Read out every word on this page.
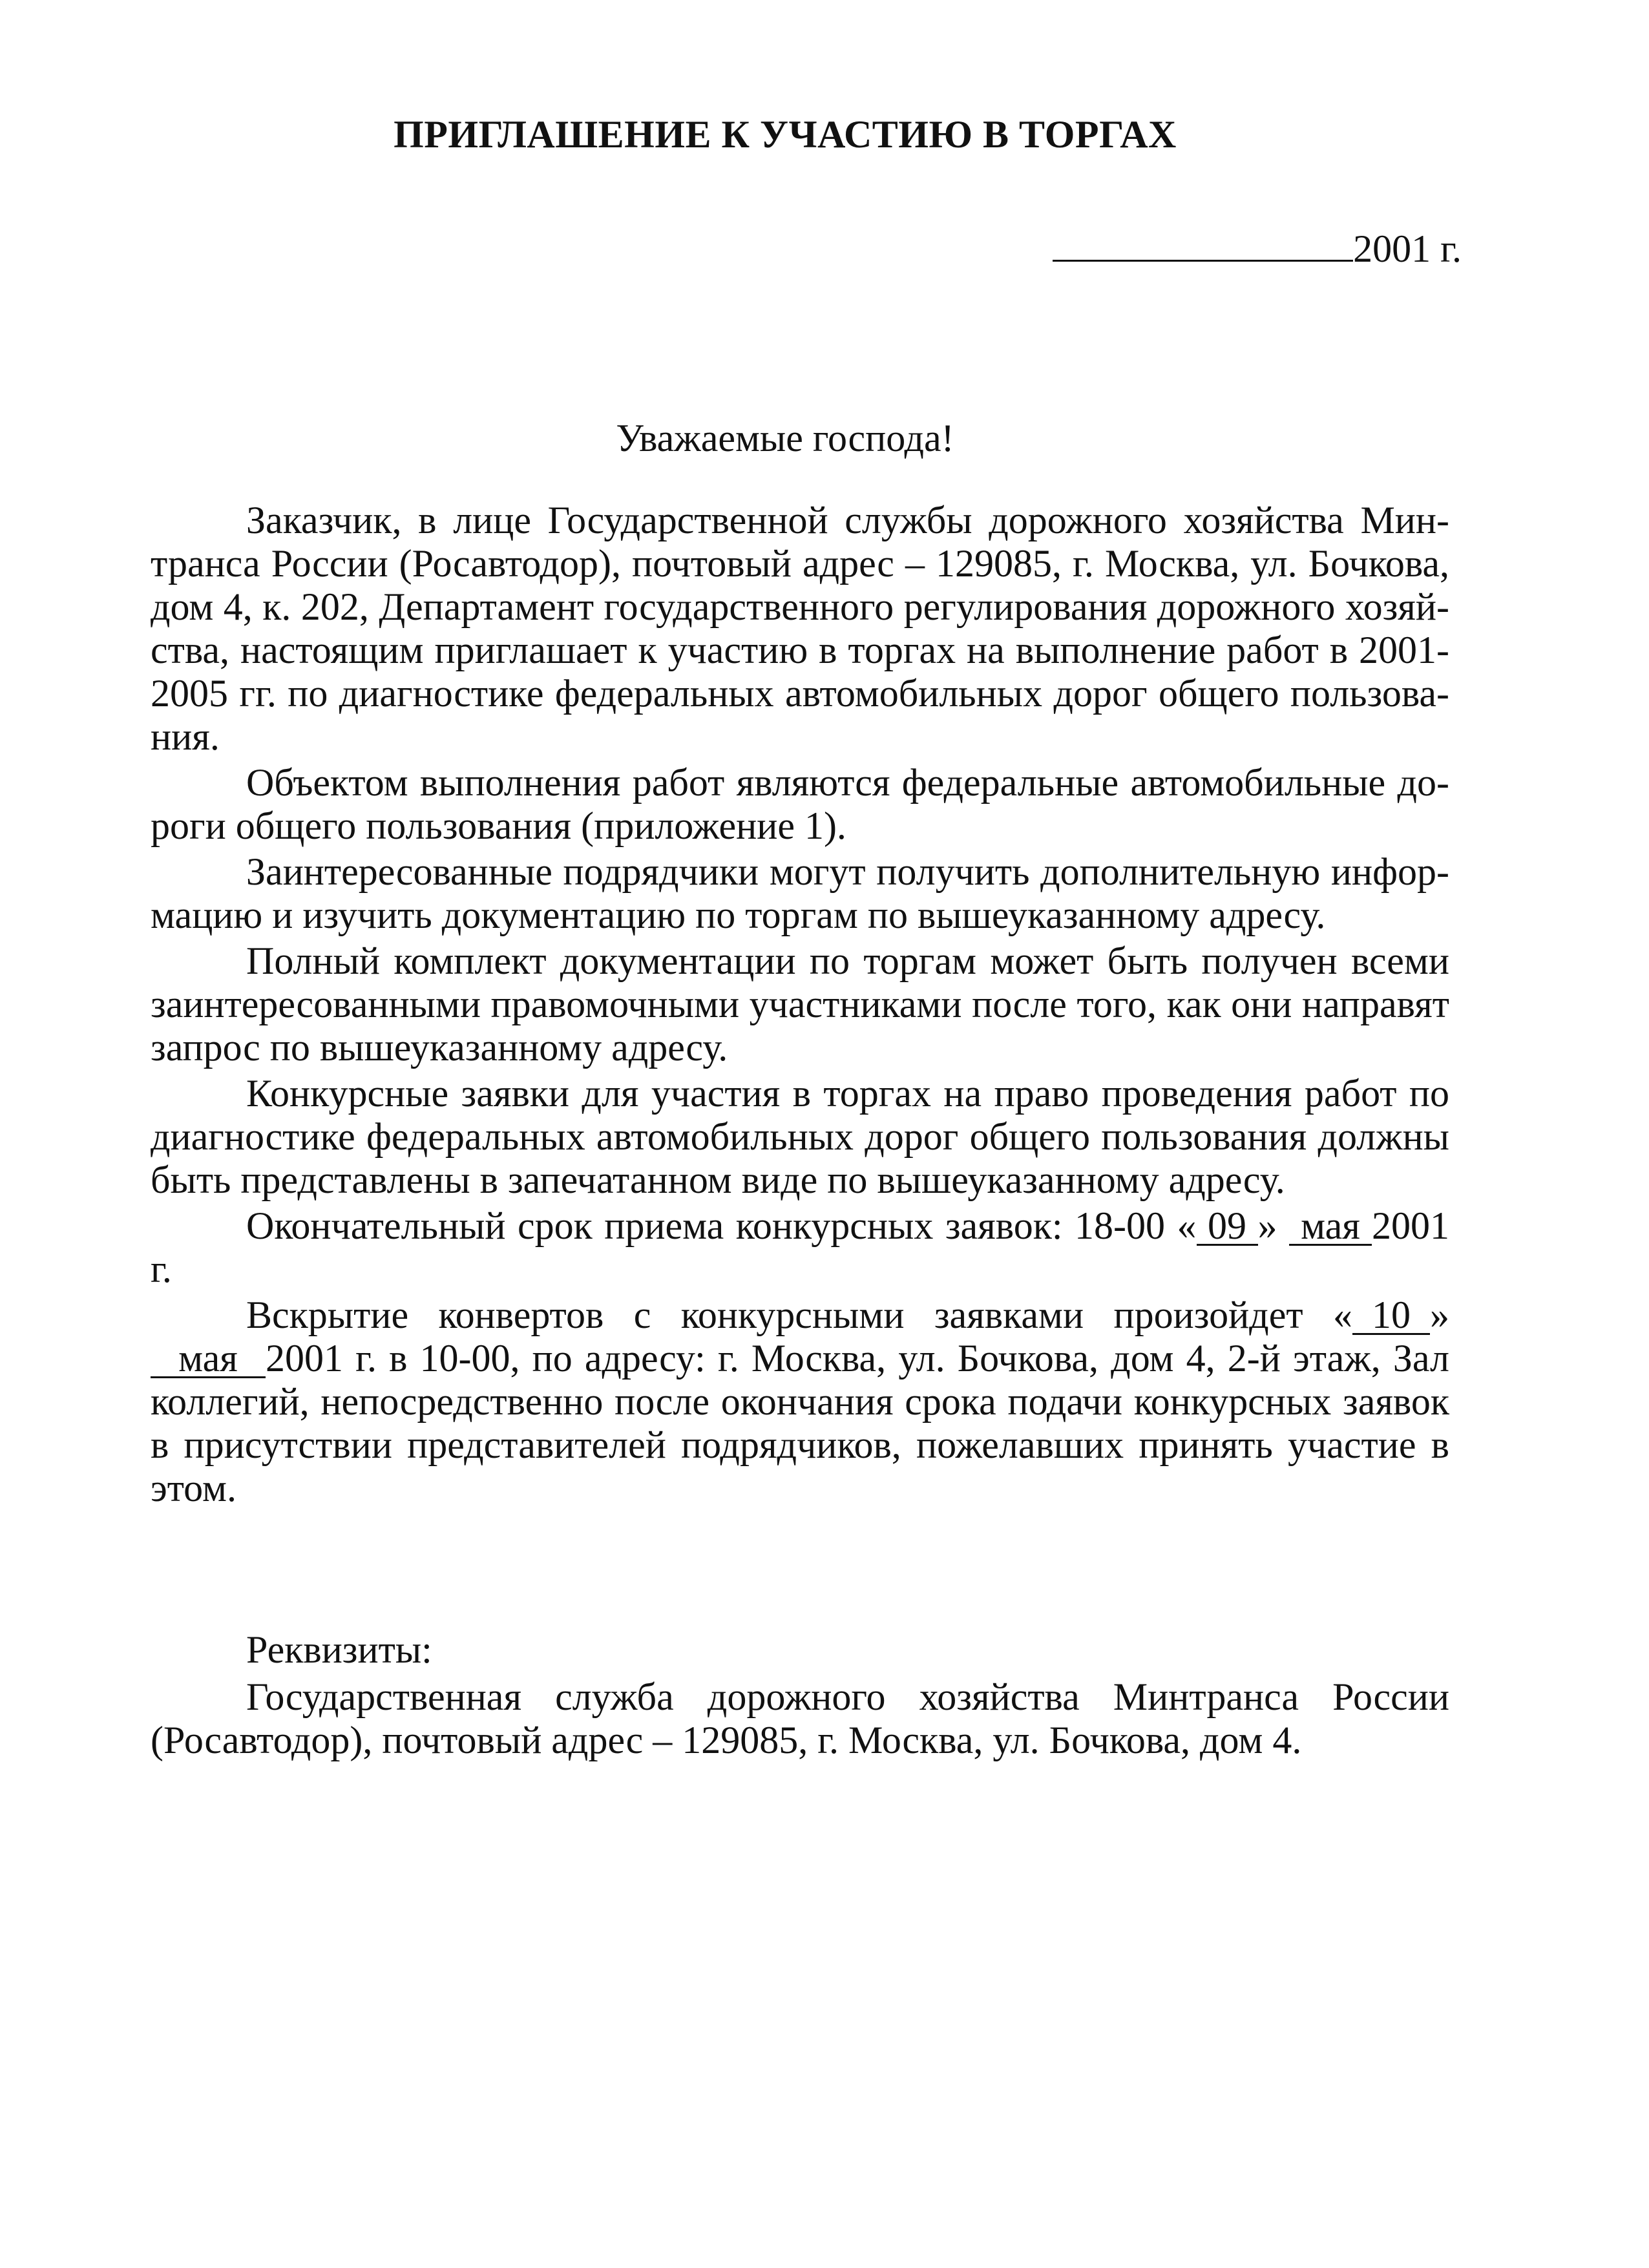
ПРИГЛАШЕНИЕ К УЧАСТИЮ В ТОРГАХ
2001 г.
Уважаемые господа!

Заказчик, в лице Государственной службы дорожного хозяйства Минтранса России (Росавтодор), почтовый адрес – 129085, г. Москва, ул. Бочкова, дом 4, к. 202, Департамент государственного регулирования дорожного хозяйства, настоящим приглашает к участию в торгах на выполнение работ в 2001-2005 гг. по диагностике федеральных автомобильных дорог общего пользования.

Объектом выполнения работ являются федеральные автомобильные дороги общего пользования (приложение 1).

Заинтересованные подрядчики могут получить дополнительную информацию и изучить документацию по торгам по вышеуказанному адресу.

Полный комплект документации по торгам может быть получен всеми заинтересованными правомочными участниками после того, как они направят запрос по вышеуказанному адресу.

Конкурсные заявки для участия в торгах на право проведения работ по диагностике федеральных автомобильных дорог общего пользования должны быть представлены в запечатанном виде по вышеуказанному адресу.

Окончательный срок приема конкурсных заявок: 18-00 « 09 » мая 2001 г.

Вскрытие конвертов с конкурсными заявками произойдет « 10 » мая 2001 г. в 10-00, по адресу: г. Москва, ул. Бочкова, дом 4, 2-й этаж, Зал коллегий, непосредственно после окончания срока подачи конкурсных заявок в присутствии представителей подрядчиков, пожелавших принять участие в этом.

Реквизиты:

Государственная служба дорожного хозяйства Минтранса России (Росавтодор), почтовый адрес – 129085, г. Москва, ул. Бочкова, дом 4.
